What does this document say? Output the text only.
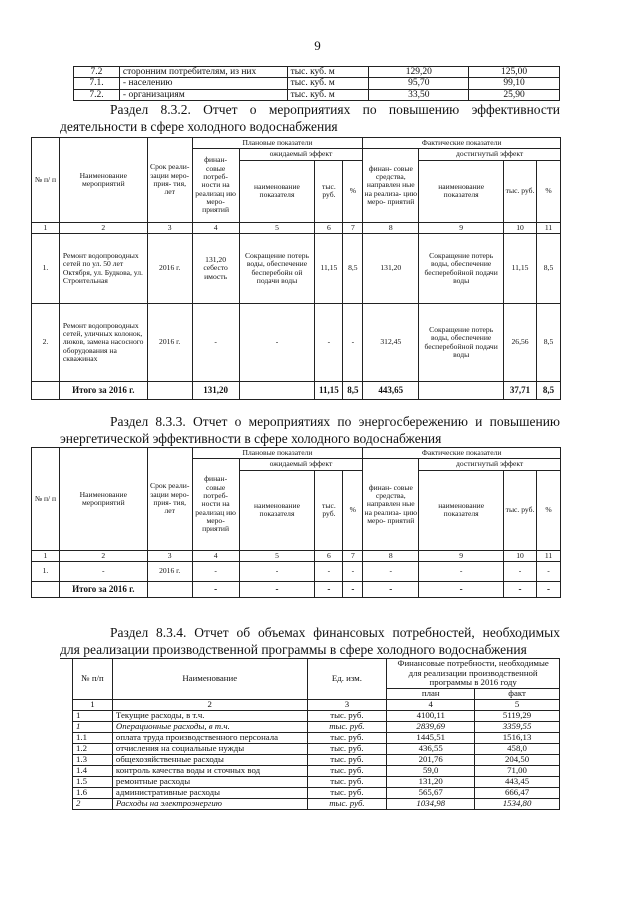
9
7.2	сторонним потребителям, из них	тыс. куб. м	129,20	125,00
7.1.	- населению	тыс. куб. м	95,70	99,10
7.2.	- организациям	тыс. куб. м	33,50	25,90
Раздел 8.3.2. Отчет о мероприятиях по повышению эффективности
деятельности в сфере холодного водоснабжения
№ п/ п	Наименование мероприятий	Срок реали- зации меро- прия- тия, лет	Плановые показатели				Фактические показатели			
			финан- совые потреб- ности на реализац ию меро- приятий	ожидаемый эффект			финан- совые средства, направлен ные на реализа- цию меро- приятий	достигнутый эффект		
				наименование показателя	тыс. руб.	%		наименование показателя	тыс. руб.	%
1	2	3	4	5	6	7	8	9	10	11
1.	Ремонт водопроводных сетей по ул. 50 лет Октября, ул. Будкова, ул. Строительная	2016 г.	131,20 себесто имость	Сокращение потерь воды, обеспечение бесперебойн ой подачи воды	11,15	8,5	131,20	Сокращение потерь воды, обеспечение бесперебойной подачи воды	11,15	8,5
2.	Ремонт водопроводных сетей, уличных колонок, люков, замена насосного оборудования на скважинах	2016 г.	-	-	-	-	312,45	Сокращение потерь воды, обеспечение бесперебойной подачи воды	26,56	8,5
	Итого за 2016 г.		131,20		11,15	8,5	443,65		37,71	8,5
Раздел 8.3.3. Отчет о мероприятиях по энергосбережению и повышению
энергетической эффективности в сфере холодного водоснабжения
№ п/ п	Наименование мероприятий	Срок реали- зации меро- прия- тия, лет	Плановые показатели				Фактические показатели			
			финан- совые потреб- ности на реализац ию меро- приятий	ожидаемый эффект			финан- совые средства, направлен ные на реализа- цию меро- приятий	достигнутый эффект		
				наименование показателя	тыс. руб.	%		наименование показателя	тыс. руб.	%
1	2	3	4	5	6	7	8	9	10	11
1.	-	2016 г.	-	-	-	-	-	-	-	-
	Итого за 2016 г.		-	-	-	-	-	-	-	-
Раздел 8.3.4. Отчет об объемах финансовых потребностей, необходимых
для реализации производственной программы в сфере холодного водоснабжения
№ п/п	Наименование	Ед. изм.	Финансовые потребности, необходимые для реализации производственной программы в 2016 году	
			план	факт
1	2	3	4	5
1	Текущие расходы, в т.ч.	тыс. руб.	4100,11	5119,29
1	Операционные расходы, в т.ч.	тыс. руб.	2839,69	3359,55
1.1	оплата труда производственного персонала	тыс. руб.	1445,51	1516,13
1.2	отчисления на социальные нужды	тыс. руб.	436,55	458,0
1.3	общехозяйственные расходы	тыс. руб.	201,76	204,50
1.4	контроль качества воды и сточных вод	тыс. руб.	59,0	71,00
1.5	ремонтные расходы	тыс. руб.	131,20	443,45
1.6	административные расходы	тыс. руб.	565,67	666,47
2	Расходы на электроэнергию	тыс. руб.	1034,98	1534,80
